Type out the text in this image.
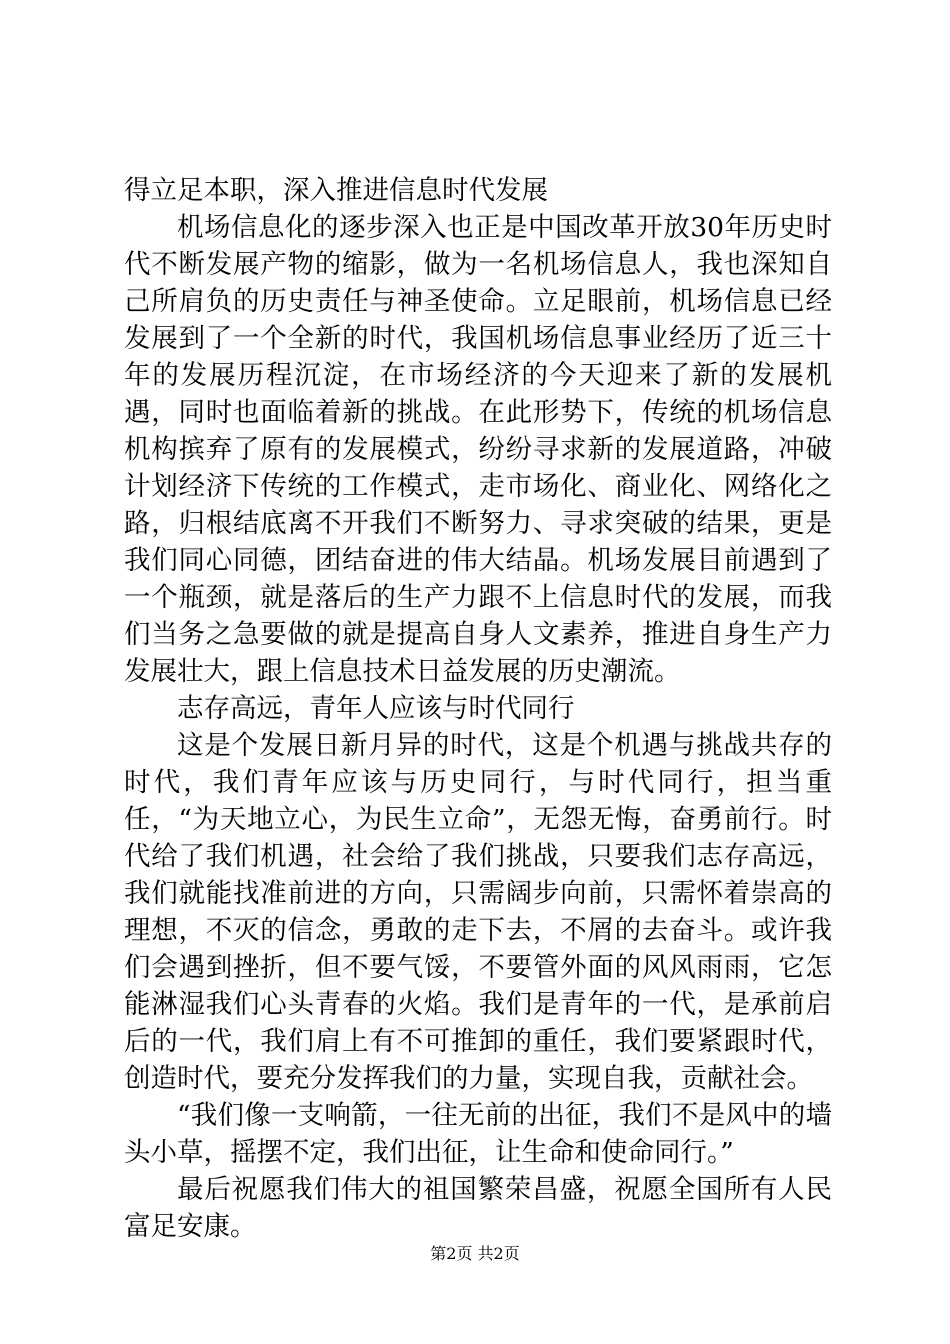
得立足本职，深入推进信息时代发展

机场信息化的逐步深入也正是中国改革开放30年历史时代不断发展产物的缩影，做为一名机场信息人，我也深知自己所肩负的历史责任与神圣使命。立足眼前，机场信息已经发展到了一个全新的时代，我国机场信息事业经历了近三十年的发展历程沉淀，在市场经济的今天迎来了新的发展机遇，同时也面临着新的挑战。在此形势下，传统的机场信息机构摈弃了原有的发展模式，纷纷寻求新的发展道路，冲破计划经济下传统的工作模式，走市场化、商业化、网络化之路，归根结底离不开我们不断努力、寻求突破的结果，更是我们同心同德，团结奋进的伟大结晶。机场发展目前遇到了一个瓶颈，就是落后的生产力跟不上信息时代的发展，而我们当务之急要做的就是提高自身人文素养，推进自身生产力发展壮大，跟上信息技术日益发展的历史潮流。

志存高远，青年人应该与时代同行

这是个发展日新月异的时代，这是个机遇与挑战共存的时代，我们青年应该与历史同行，与时代同行，担当重任，“为天地立心，为民生立命”，无怨无悔，奋勇前行。时代给了我们机遇，社会给了我们挑战，只要我们志存高远，我们就能找准前进的方向，只需阔步向前，只需怀着崇高的理想，不灭的信念，勇敢的走下去，不屑的去奋斗。或许我们会遇到挫折，但不要气馁，不要管外面的风风雨雨，它怎能淋湿我们心头青春的火焰。我们是青年的一代，是承前启后的一代，我们肩上有不可推卸的重任，我们要紧跟时代，创造时代，要充分发挥我们的力量，实现自我，贡献社会。

“我们像一支响箭，一往无前的出征，我们不是风中的墙头小草，摇摆不定，我们出征，让生命和使命同行。”

最后祝愿我们伟大的祖国繁荣昌盛，祝愿全国所有人民富足安康。

第2页 共2页
